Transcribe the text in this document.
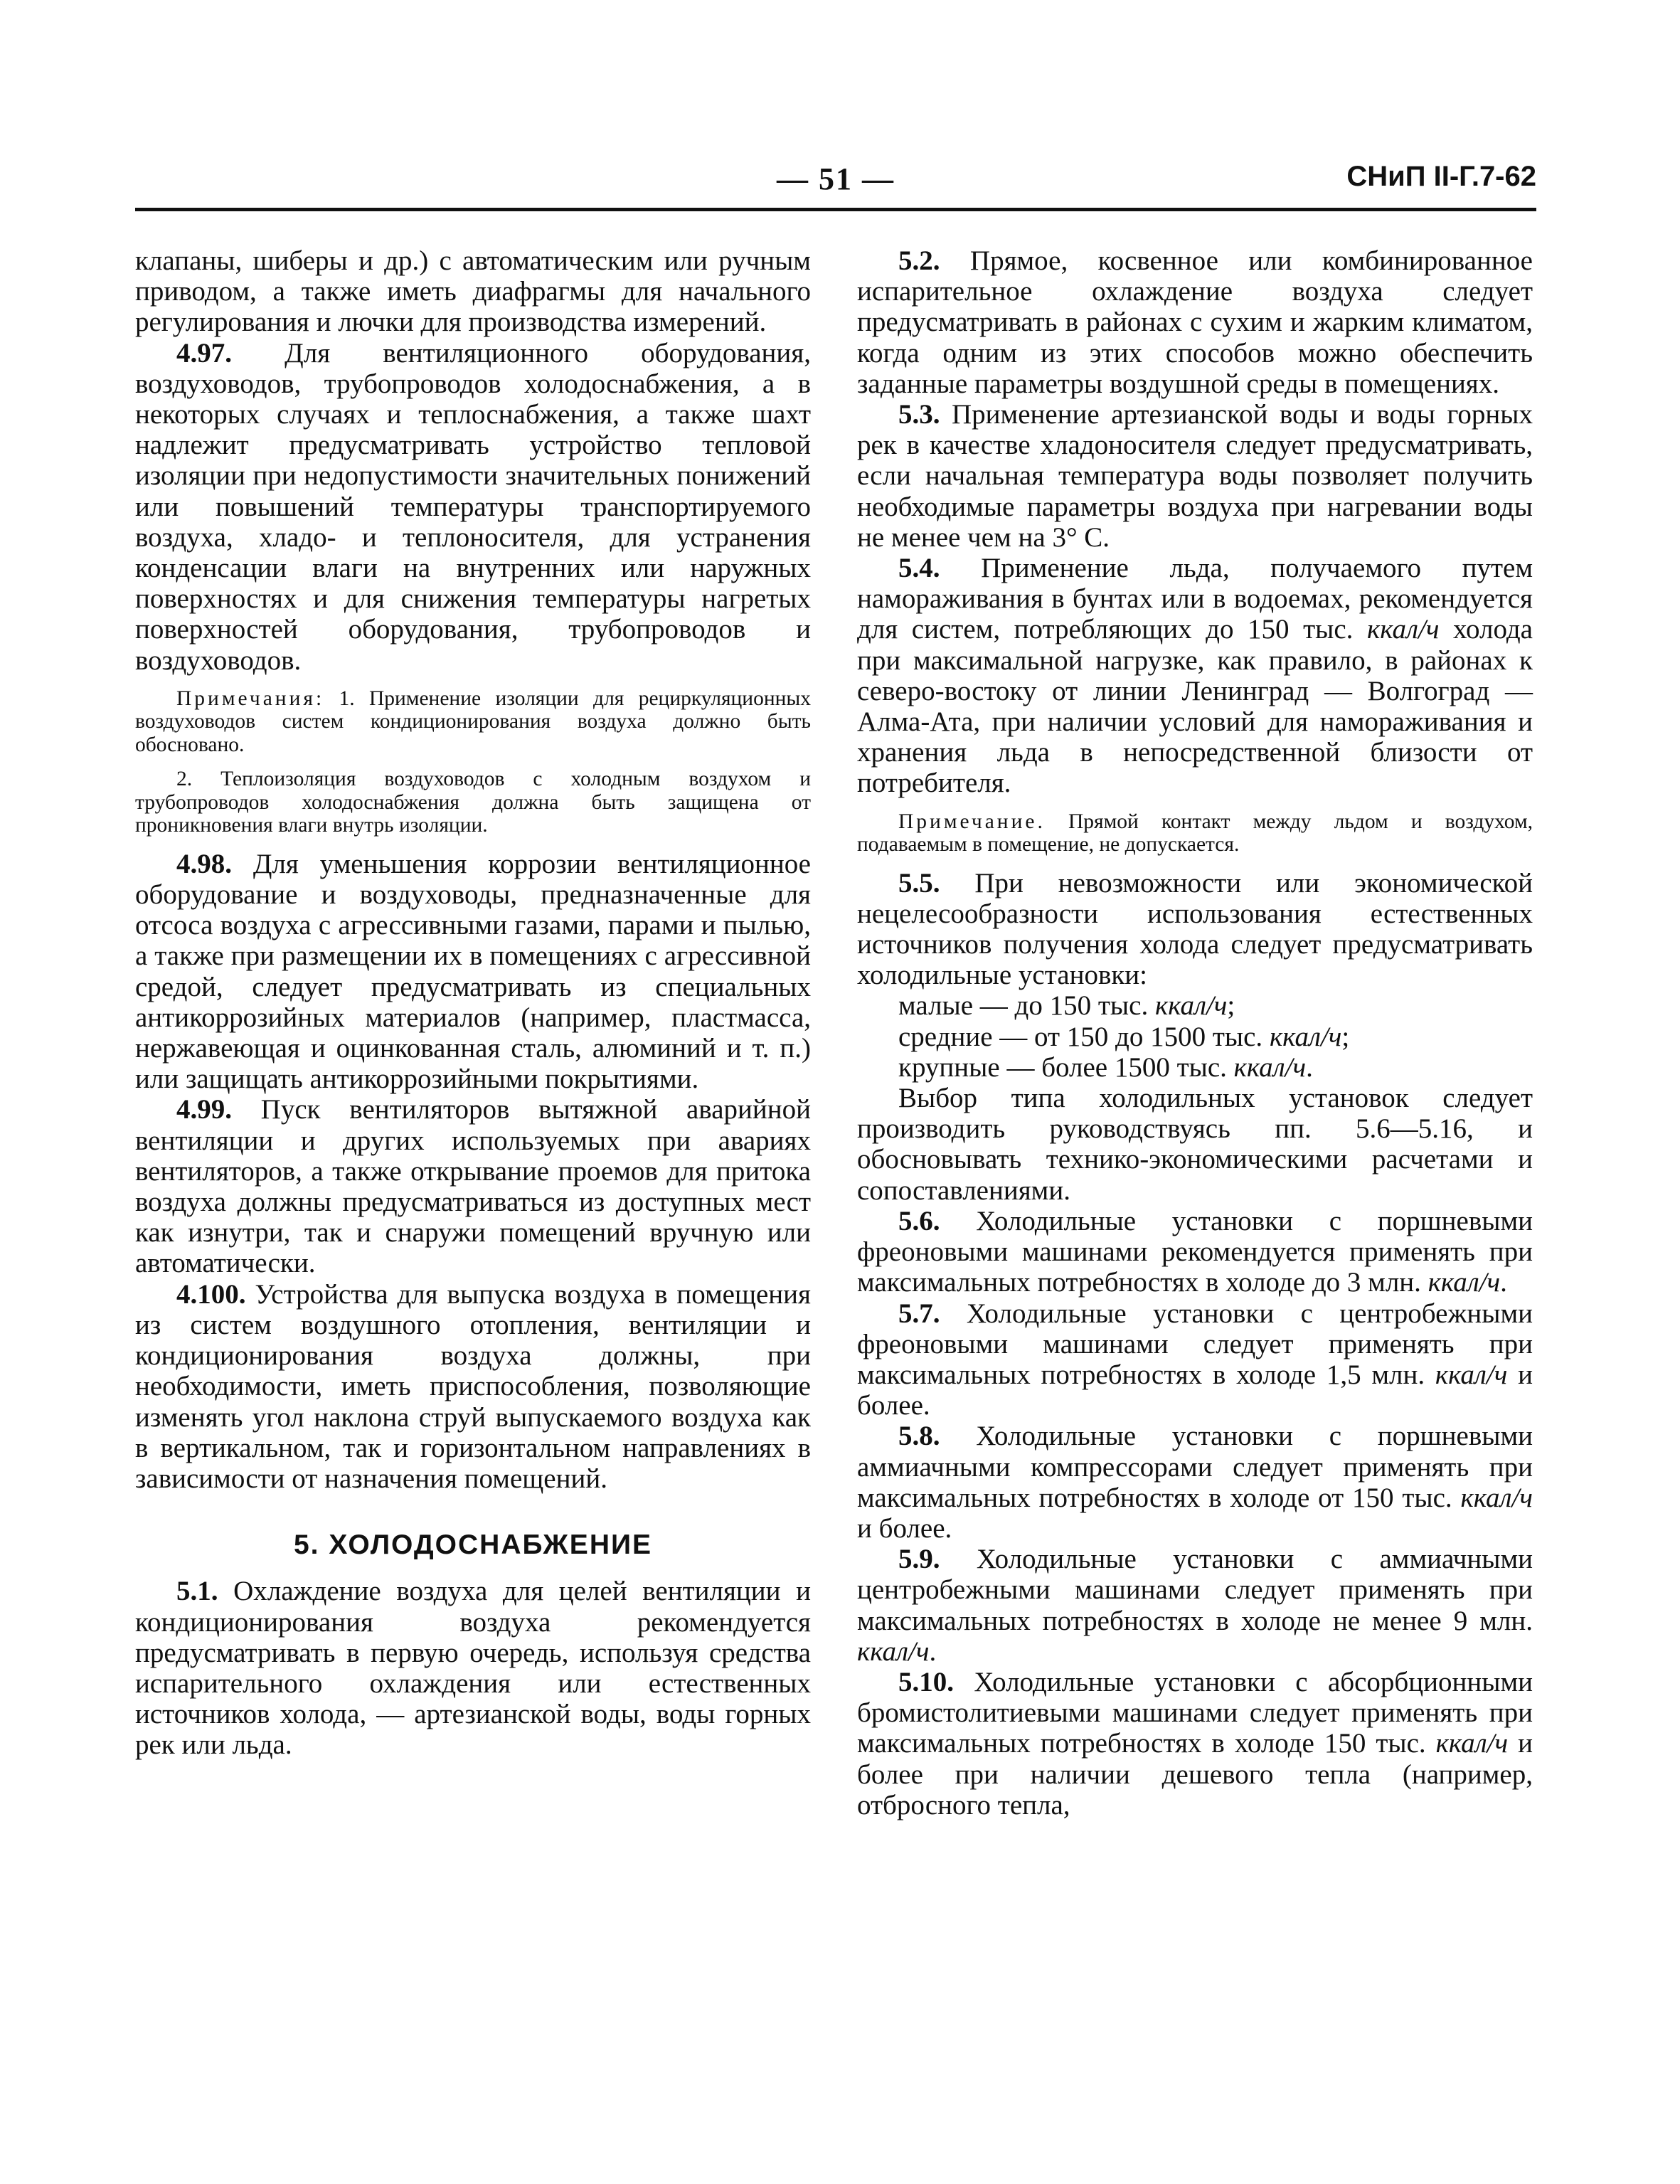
— 51 —	СНиП II-Г.7-62

клапаны, шиберы и др.) с автоматическим или ручным приводом, а также иметь диафрагмы для начального регулирования и лючки для производства измерений.

4.97. Для вентиляционного оборудования, воздуховодов, трубопроводов холодоснабжения, а в некоторых случаях и теплоснабжения, а также шахт надлежит предусматривать устройство тепловой изоляции при недопустимости значительных понижений или повышений температуры транспортируемого воздуха, хладо- и теплоносителя, для устранения конденсации влаги на внутренних или наружных поверхностях и для снижения температуры нагретых поверхностей оборудования, трубопроводов и воздуховодов.

Примечания: 1. Применение изоляции для рециркуляционных воздуховодов систем кондиционирования воздуха должно быть обосновано.

2. Теплоизоляция воздуховодов с холодным воздухом и трубопроводов холодоснабжения должна быть защищена от проникновения влаги внутрь изоляции.

4.98. Для уменьшения коррозии вентиляционное оборудование и воздуховоды, предназначенные для отсоса воздуха с агрессивными газами, парами и пылью, а также при размещении их в помещениях с агрессивной средой, следует предусматривать из специальных антикоррозийных материалов (например, пластмасса, нержавеющая и оцинкованная сталь, алюминий и т. п.) или защищать антикоррозийными покрытиями.

4.99. Пуск вентиляторов вытяжной аварийной вентиляции и других используемых при авариях вентиляторов, а также открывание проемов для притока воздуха должны предусматриваться из доступных мест как изнутри, так и снаружи помещений вручную или автоматически.

4.100. Устройства для выпуска воздуха в помещения из систем воздушного отопления, вентиляции и кондиционирования воздуха должны, при необходимости, иметь приспособления, позволяющие изменять угол наклона струй выпускаемого воздуха как в вертикальном, так и горизонтальном направлениях в зависимости от назначения помещений.

5. ХОЛОДОСНАБЖЕНИЕ

5.1. Охлаждение воздуха для целей вентиляции и кондиционирования воздуха рекомендуется предусматривать в первую очередь, используя средства испарительного охлаждения или естественных источников холода, — артезианской воды, воды горных рек или льда.

5.2. Прямое, косвенное или комбинированное испарительное охлаждение воздуха следует предусматривать в районах с сухим и жарким климатом, когда одним из этих способов можно обеспечить заданные параметры воздушной среды в помещениях.

5.3. Применение артезианской воды и воды горных рек в качестве хладоносителя следует предусматривать, если начальная температура воды позволяет получить необходимые параметры воздуха при нагревании воды не менее чем на 3° С.

5.4. Применение льда, получаемого путем намораживания в бунтах или в водоемах, рекомендуется для систем, потребляющих до 150 тыс. ккал/ч холода при максимальной нагрузке, как правило, в районах к северо-востоку от линии Ленинград — Волгоград — Алма-Ата, при наличии условий для намораживания и хранения льда в непосредственной близости от потребителя.

Примечание. Прямой контакт между льдом и воздухом, подаваемым в помещение, не допускается.

5.5. При невозможности или экономической нецелесообразности использования естественных источников получения холода следует предусматривать холодильные установки:

малые — до 150 тыс. ккал/ч;
средние — от 150 до 1500 тыс. ккал/ч;
крупные — более 1500 тыс. ккал/ч.

Выбор типа холодильных установок следует производить руководствуясь пп. 5.6—5.16, и обосновывать технико-экономическими расчетами и сопоставлениями.

5.6. Холодильные установки с поршневыми фреоновыми машинами рекомендуется применять при максимальных потребностях в холоде до 3 млн. ккал/ч.

5.7. Холодильные установки с центробежными фреоновыми машинами следует применять при максимальных потребностях в холоде 1,5 млн. ккал/ч и более.

5.8. Холодильные установки с поршневыми аммиачными компрессорами следует применять при максимальных потребностях в холоде от 150 тыс. ккал/ч и более.

5.9. Холодильные установки с аммиачными центробежными машинами следует применять при максимальных потребностях в холоде не менее 9 млн. ккал/ч.

5.10. Холодильные установки с абсорбционными бромистолитиевыми машинами следует применять при максимальных потребностях в холоде 150 тыс. ккал/ч и более при наличии дешевого тепла (например, отбросного тепла,
